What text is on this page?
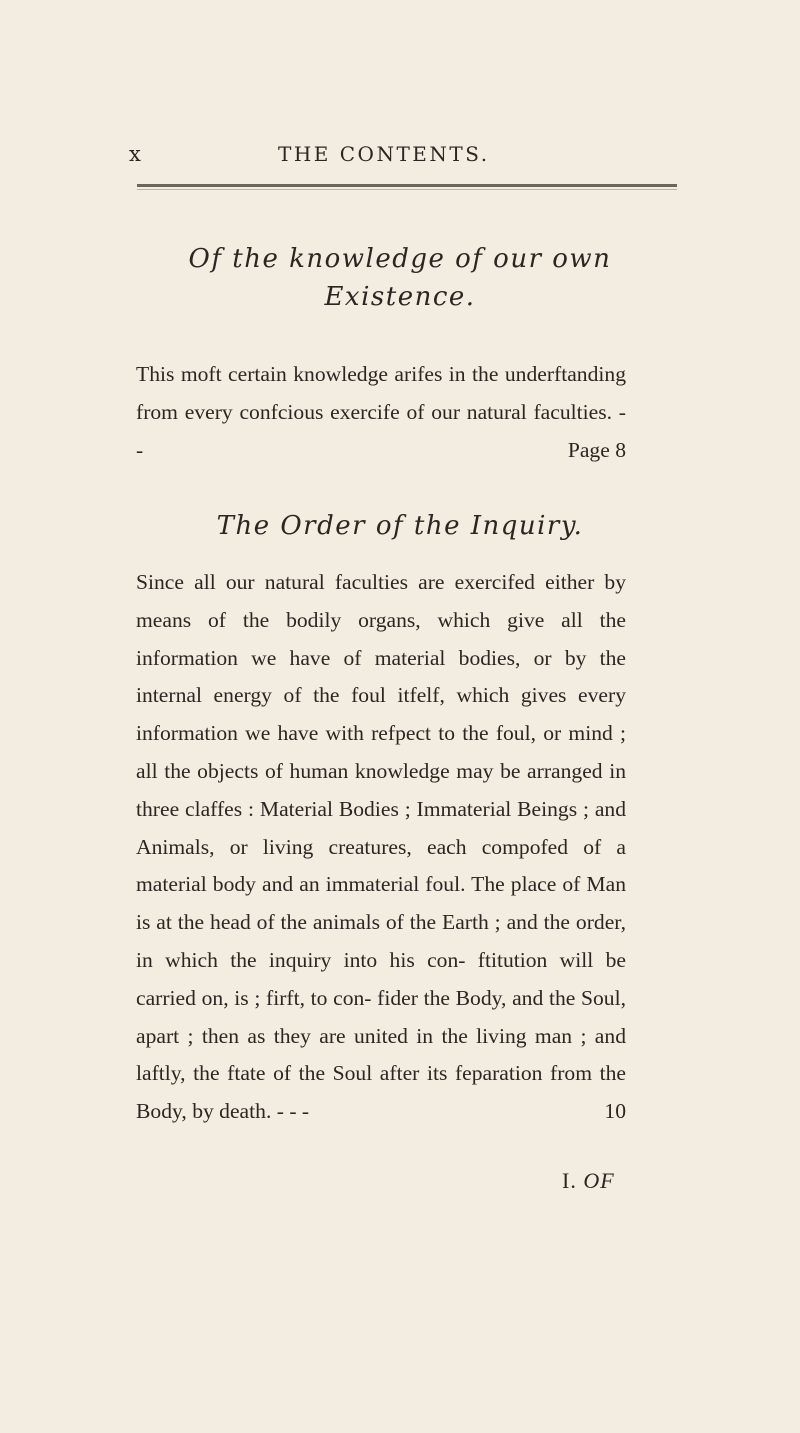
x	THE CONTENTS.
Of the knowledge of our own
Existence.

This moft certain knowledge arifes in the underftanding from every confcious exercife of our natural faculties. - -	Page 8

The Order of the Inquiry.

Since all our natural faculties are exercifed either by means of the bodily organs, which give all the information we have of material bodies, or by the internal energy of the foul itfelf, which gives every information we have with refpect to the foul, or mind ; all the objects of human knowledge may be arranged in three claffes : Material Bodies ; Immaterial Beings ; and Animals, or living creatures, each compofed of a material body and an immaterial foul. The place of Man is at the head of the animals of the Earth ; and the order, in which the inquiry into his con- ftitution will be carried on, is ; firft, to con- fider the Body, and the Soul, apart ; then as they are united in the living man ; and laftly, the ftate of the Soul after its feparation from the Body, by death. - - -	10

I. OF
